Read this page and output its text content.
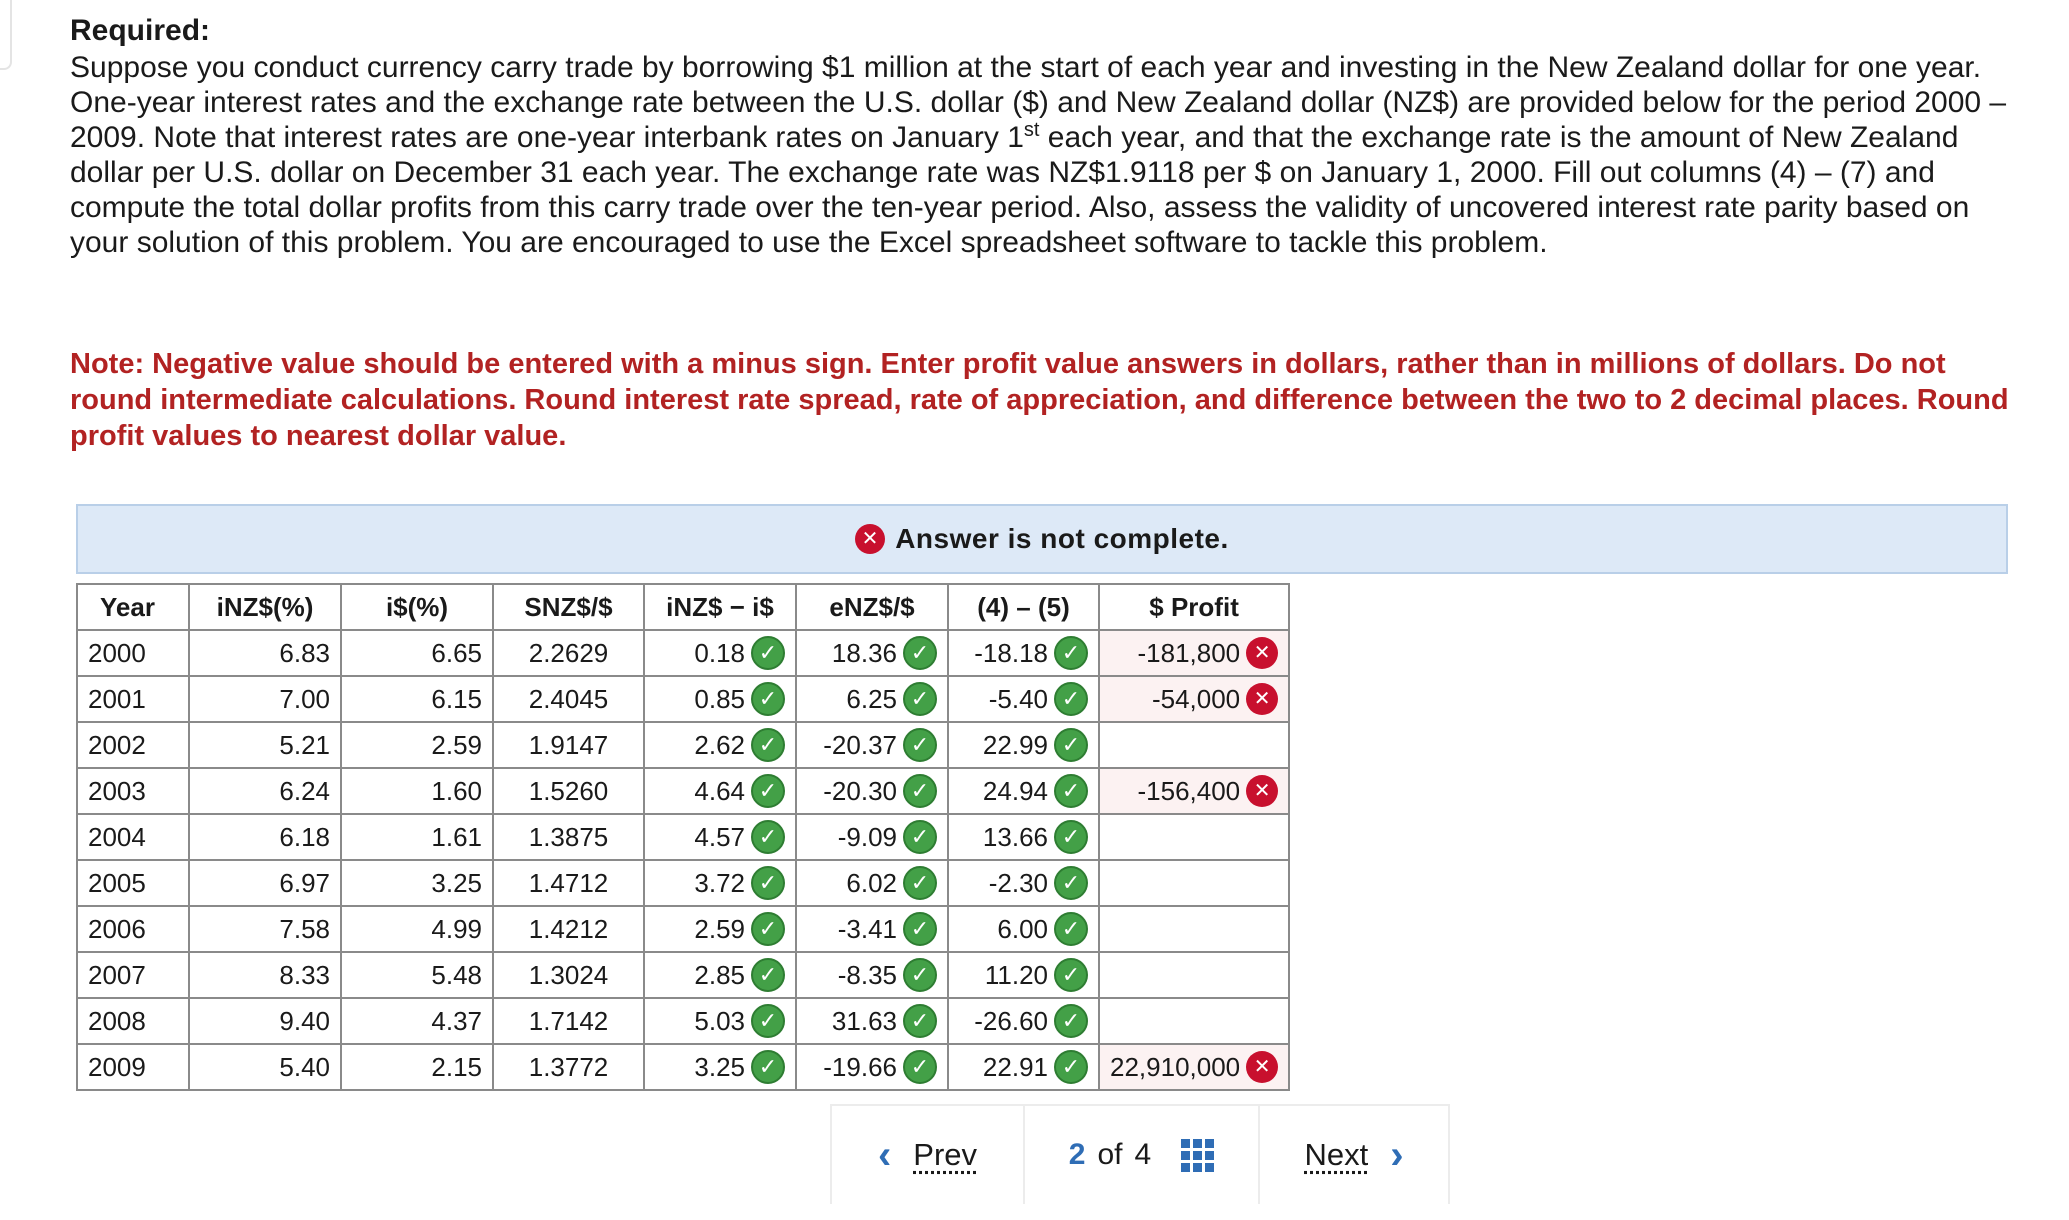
Required:
Suppose you conduct currency carry trade by borrowing $1 million at the start of each year and investing in the New Zealand dollar for one year. One-year interest rates and the exchange rate between the U.S. dollar ($) and New Zealand dollar (NZ$) are provided below for the period 2000 – 2009. Note that interest rates are one-year interbank rates on January 1st each year, and that the exchange rate is the amount of New Zealand dollar per U.S. dollar on December 31 each year. The exchange rate was NZ$1.9118 per $ on January 1, 2000. Fill out columns (4) – (7) and compute the total dollar profits from this carry trade over the ten-year period. Also, assess the validity of uncovered interest rate parity based on your solution of this problem. You are encouraged to use the Excel spreadsheet software to tackle this problem.
Note: Negative value should be entered with a minus sign. Enter profit value answers in dollars, rather than in millions of dollars. Do not round intermediate calculations. Round interest rate spread, rate of appreciation, and difference between the two to 2 decimal places. Round profit values to nearest dollar value.
✕ Answer is not complete.
Year	iNZ$(%)	i$(%)	SNZ$/$	iNZ$ − i$	eNZ$/$	(4) – (5)	$ Profit
2000	6.83	6.65	2.2629	0.18 ✓	18.36 ✓	-18.18 ✓	-181,800 ✕

2001	7.00	6.15	2.4045	0.85 ✓	6.25 ✓	-5.40 ✓	-54,000 ✕

2002	5.21	2.59	1.9147	2.62 ✓	-20.37 ✓	22.99 ✓	

2003	6.24	1.60	1.5260	4.64 ✓	-20.30 ✓	24.94 ✓	-156,400 ✕

2004	6.18	1.61	1.3875	4.57 ✓	-9.09 ✓	13.66 ✓	

2005	6.97	3.25	1.4712	3.72 ✓	6.02 ✓	-2.30 ✓	

2006	7.58	4.99	1.4212	2.59 ✓	-3.41 ✓	6.00 ✓	

2007	8.33	5.48	1.3024	2.85 ✓	-8.35 ✓	11.20 ✓	

2008	9.40	4.37	1.7142	5.03 ✓	31.63 ✓	-26.60 ✓	

2009	5.40	2.15	1.3772	3.25 ✓	-19.66 ✓	22.91 ✓	22,910,000 ✕
‹ Prev	2 of 4	Next ›
